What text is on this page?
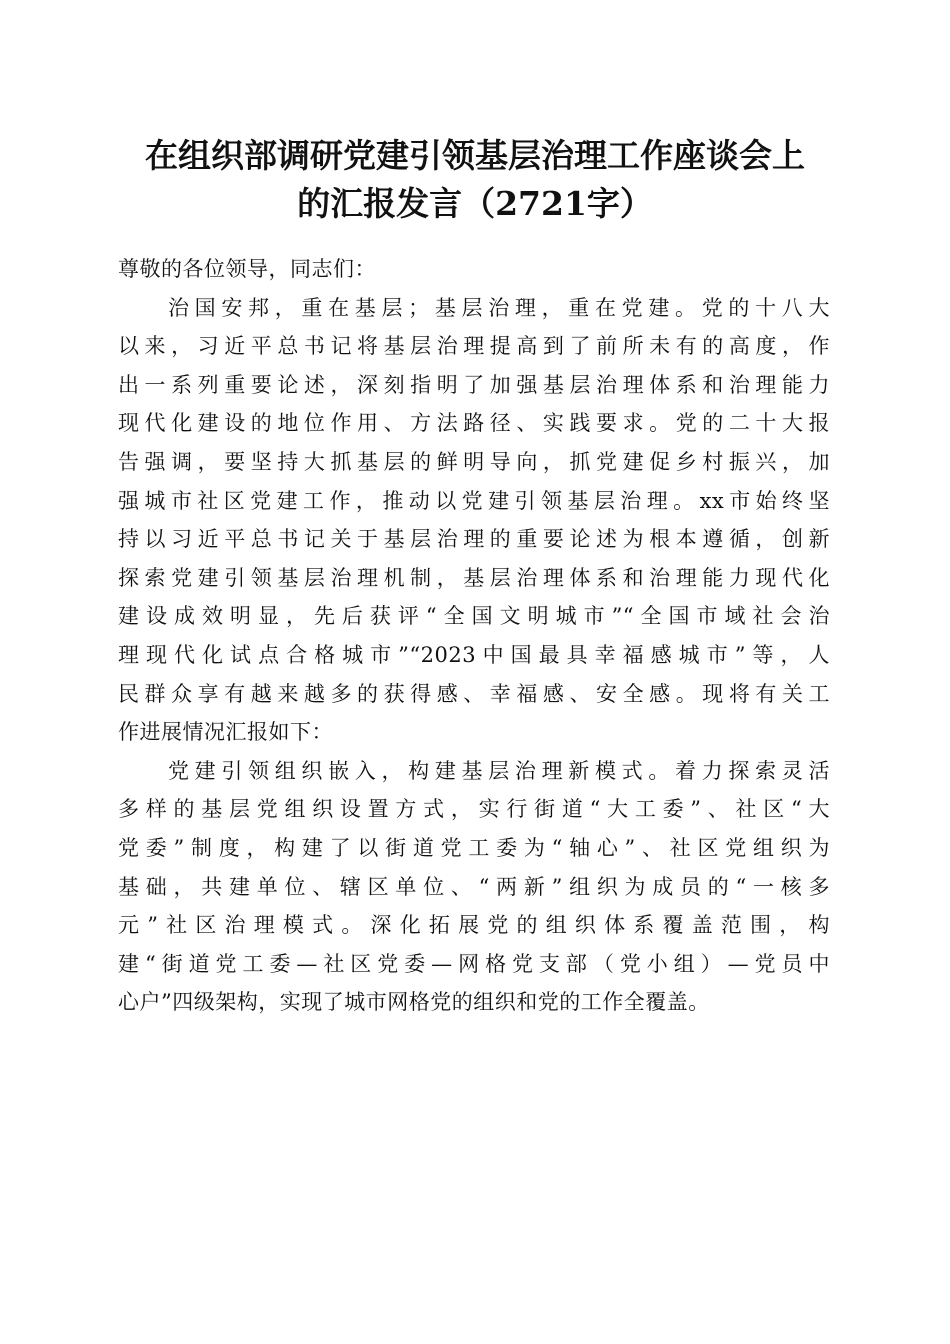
在组织部调研党建引领基层治理工作座谈会上
的汇报发言（2721字）
尊敬的各位领导，同志们：
治国安邦，重在基层；基层治理，重在党建。党的十八大
以来，习近平总书记将基层治理提高到了前所未有的高度，作
出一系列重要论述，深刻指明了加强基层治理体系和治理能力
现代化建设的地位作用、方法路径、实践要求。党的二十大报
告强调，要坚持大抓基层的鲜明导向，抓党建促乡村振兴，加
强城市社区党建工作，推动以党建引领基层治理。xx市始终坚
持以习近平总书记关于基层治理的重要论述为根本遵循，创新
探索党建引领基层治理机制，基层治理体系和治理能力现代化
建设成效明显，先后获评“全国文明城市”“全国市域社会治
理现代化试点合格城市”“2023中国最具幸福感城市”等，人
民群众享有越来越多的获得感、幸福感、安全感。现将有关工
作进展情况汇报如下：
党建引领组织嵌入，构建基层治理新模式。着力探索灵活
多样的基层党组织设置方式，实行街道“大工委”、社区“大
党委”制度，构建了以街道党工委为“轴心”、社区党组织为
基础，共建单位、辖区单位、“两新”组织为成员的“一核多
元”社区治理模式。深化拓展党的组织体系覆盖范围，构
建“街道党工委—社区党委—网格党支部（党小组）—党员中
心户”四级架构，实现了城市网格党的组织和党的工作全覆盖。
